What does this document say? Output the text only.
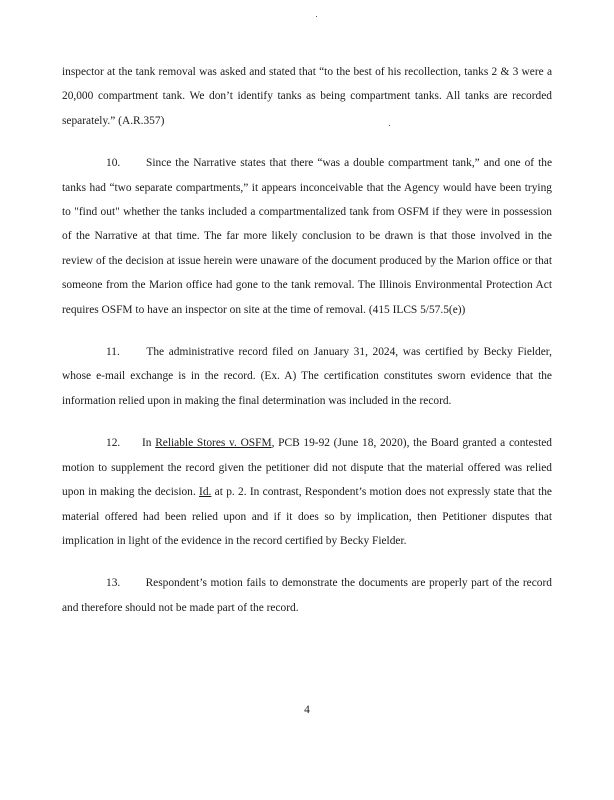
inspector at the tank removal was asked and stated that “to the best of his recollection, tanks 2 & 3 were a 20,000 compartment tank. We don’t identify tanks as being compartment tanks. All tanks are recorded separately.” (A.R.357)

10. Since the Narrative states that there “was a double compartment tank,” and one of the tanks had “two separate compartments,” it appears inconceivable that the Agency would have been trying to "find out" whether the tanks included a compartmentalized tank from OSFM if they were in possession of the Narrative at that time. The far more likely conclusion to be drawn is that those involved in the review of the decision at issue herein were unaware of the document produced by the Marion office or that someone from the Marion office had gone to the tank removal. The Illinois Environmental Protection Act requires OSFM to have an inspector on site at the time of removal. (415 ILCS 5/57.5(e))

11. The administrative record filed on January 31, 2024, was certified by Becky Fielder, whose e-mail exchange is in the record. (Ex. A) The certification constitutes sworn evidence that the information relied upon in making the final determination was included in the record.

12. In Reliable Stores v. OSFM, PCB 19-92 (June 18, 2020), the Board granted a contested motion to supplement the record given the petitioner did not dispute that the material offered was relied upon in making the decision. Id. at p. 2. In contrast, Respondent’s motion does not expressly state that the material offered had been relied upon and if it does so by implication, then Petitioner disputes that implication in light of the evidence in the record certified by Becky Fielder.

13. Respondent’s motion fails to demonstrate the documents are properly part of the record and therefore should not be made part of the record.

4
